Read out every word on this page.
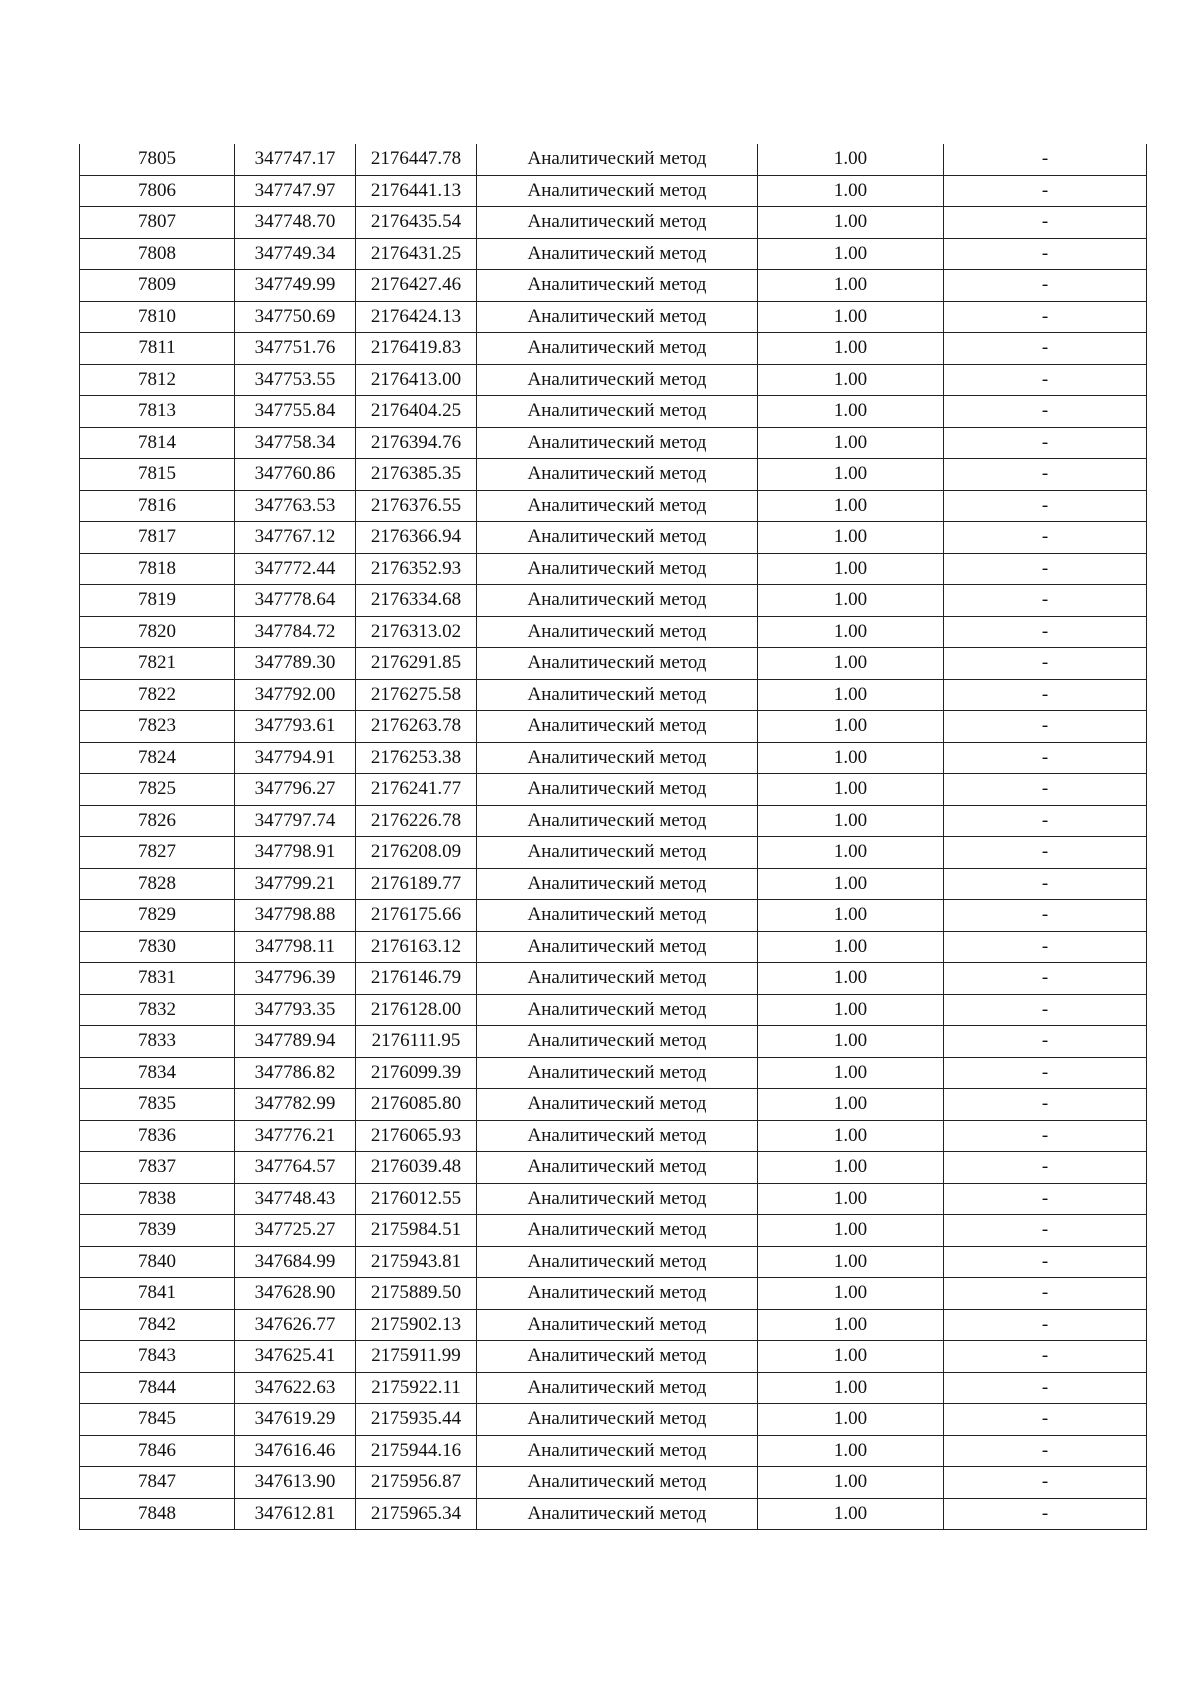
7805	347747.17	2176447.78	Аналитический метод	1.00	-
7806	347747.97	2176441.13	Аналитический метод	1.00	-
7807	347748.70	2176435.54	Аналитический метод	1.00	-
7808	347749.34	2176431.25	Аналитический метод	1.00	-
7809	347749.99	2176427.46	Аналитический метод	1.00	-
7810	347750.69	2176424.13	Аналитический метод	1.00	-
7811	347751.76	2176419.83	Аналитический метод	1.00	-
7812	347753.55	2176413.00	Аналитический метод	1.00	-
7813	347755.84	2176404.25	Аналитический метод	1.00	-
7814	347758.34	2176394.76	Аналитический метод	1.00	-
7815	347760.86	2176385.35	Аналитический метод	1.00	-
7816	347763.53	2176376.55	Аналитический метод	1.00	-
7817	347767.12	2176366.94	Аналитический метод	1.00	-
7818	347772.44	2176352.93	Аналитический метод	1.00	-
7819	347778.64	2176334.68	Аналитический метод	1.00	-
7820	347784.72	2176313.02	Аналитический метод	1.00	-
7821	347789.30	2176291.85	Аналитический метод	1.00	-
7822	347792.00	2176275.58	Аналитический метод	1.00	-
7823	347793.61	2176263.78	Аналитический метод	1.00	-
7824	347794.91	2176253.38	Аналитический метод	1.00	-
7825	347796.27	2176241.77	Аналитический метод	1.00	-
7826	347797.74	2176226.78	Аналитический метод	1.00	-
7827	347798.91	2176208.09	Аналитический метод	1.00	-
7828	347799.21	2176189.77	Аналитический метод	1.00	-
7829	347798.88	2176175.66	Аналитический метод	1.00	-
7830	347798.11	2176163.12	Аналитический метод	1.00	-
7831	347796.39	2176146.79	Аналитический метод	1.00	-
7832	347793.35	2176128.00	Аналитический метод	1.00	-
7833	347789.94	2176111.95	Аналитический метод	1.00	-
7834	347786.82	2176099.39	Аналитический метод	1.00	-
7835	347782.99	2176085.80	Аналитический метод	1.00	-
7836	347776.21	2176065.93	Аналитический метод	1.00	-
7837	347764.57	2176039.48	Аналитический метод	1.00	-
7838	347748.43	2176012.55	Аналитический метод	1.00	-
7839	347725.27	2175984.51	Аналитический метод	1.00	-
7840	347684.99	2175943.81	Аналитический метод	1.00	-
7841	347628.90	2175889.50	Аналитический метод	1.00	-
7842	347626.77	2175902.13	Аналитический метод	1.00	-
7843	347625.41	2175911.99	Аналитический метод	1.00	-
7844	347622.63	2175922.11	Аналитический метод	1.00	-
7845	347619.29	2175935.44	Аналитический метод	1.00	-
7846	347616.46	2175944.16	Аналитический метод	1.00	-
7847	347613.90	2175956.87	Аналитический метод	1.00	-
7848	347612.81	2175965.34	Аналитический метод	1.00	-
